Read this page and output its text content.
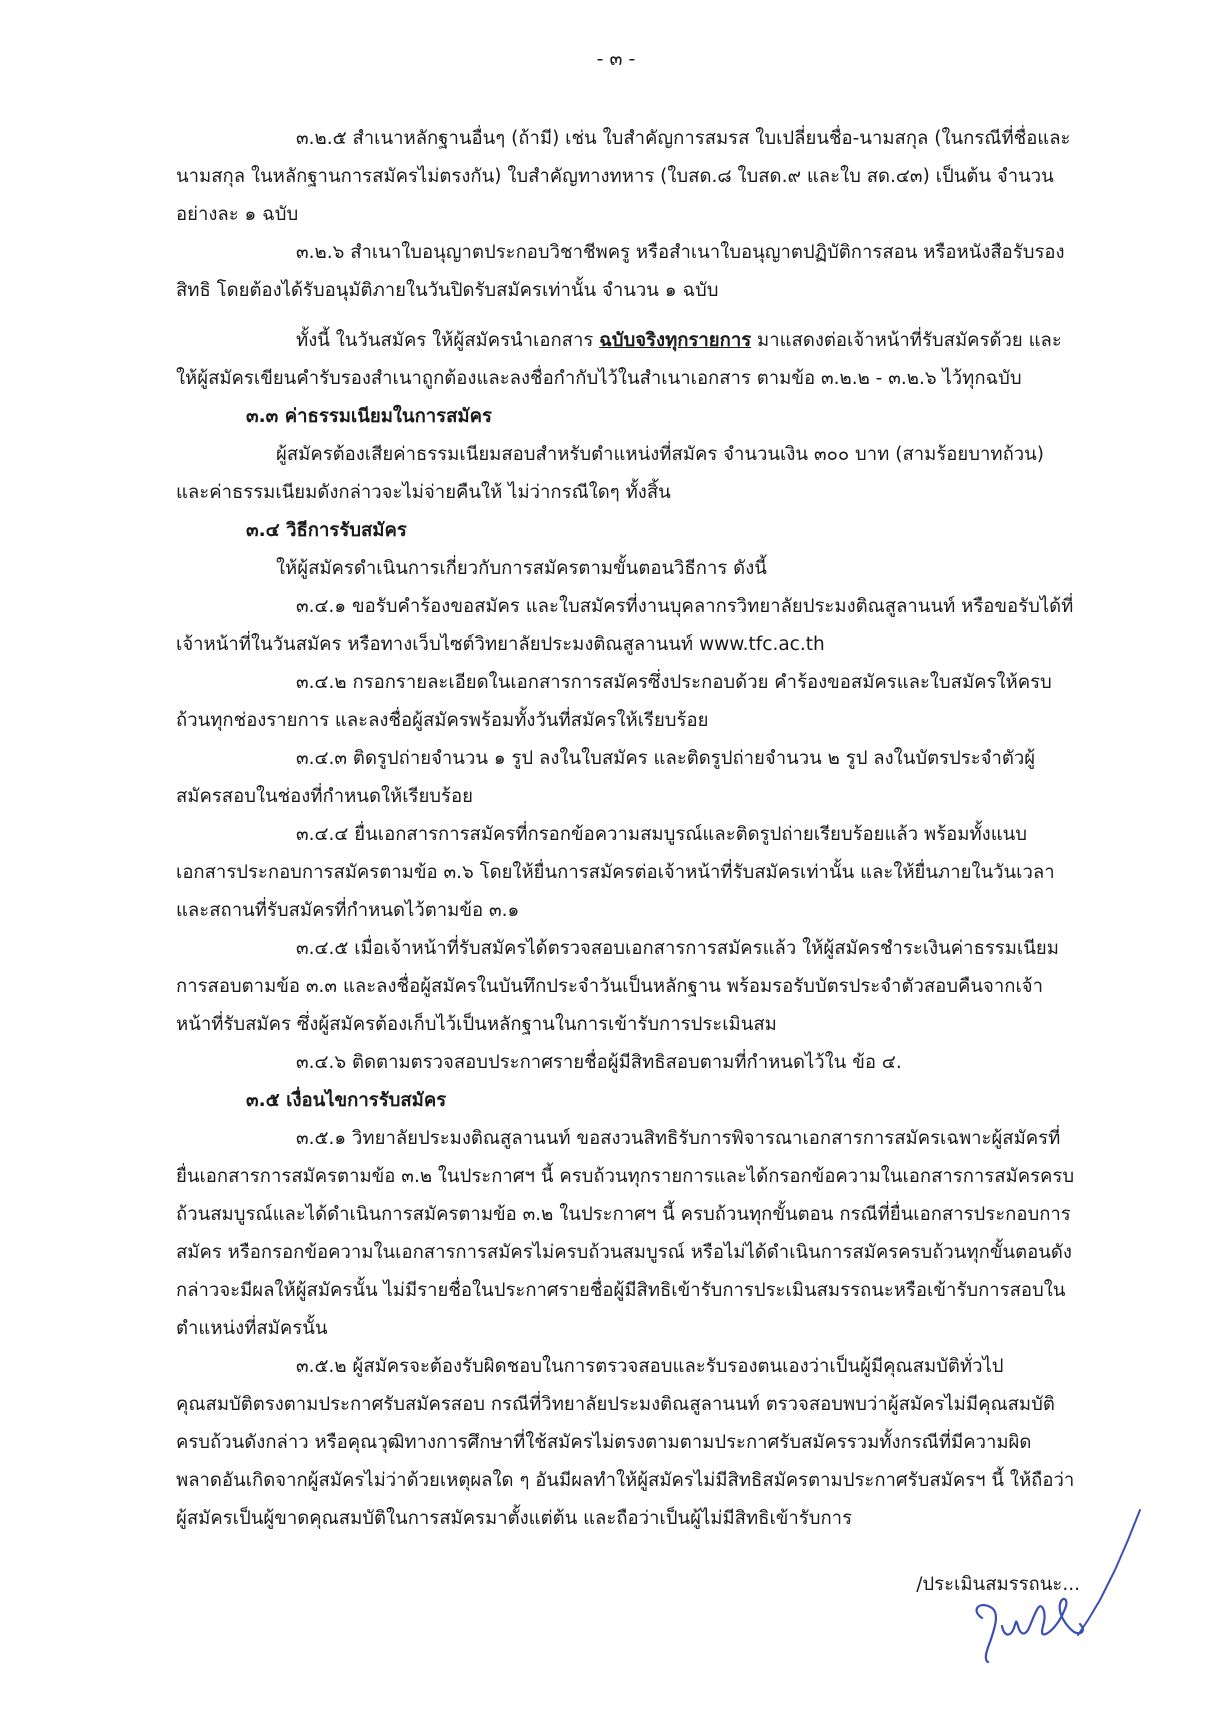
- ๓ -

๓.๒.๕ สำเนาหลักฐานอื่นๆ (ถ้ามี) เช่น ใบสำคัญการสมรส ใบเปลี่ยนชื่อ-นามสกุล (ในกรณีที่ชื่อและนามสกุล ในหลักฐานการสมัครไม่ตรงกัน) ใบสำคัญทางทหาร (ใบสด.๘ ใบสด.๙ และใบ สด.๔๓) เป็นต้น จำนวนอย่างละ ๑ ฉบับ

๓.๒.๖ สำเนาใบอนุญาตประกอบวิชาชีพครู หรือสำเนาใบอนุญาตปฏิบัติการสอน หรือหนังสือรับรองสิทธิ โดยต้องได้รับอนุมัติภายในวันปิดรับสมัครเท่านั้น จำนวน ๑ ฉบับ

ทั้งนี้ ในวันสมัคร ให้ผู้สมัครนำเอกสาร ฉบับจริงทุกรายการ มาแสดงต่อเจ้าหน้าที่รับสมัครด้วย และให้ผู้สมัครเขียนคำรับรองสำเนาถูกต้องและลงชื่อกำกับไว้ในสำเนาเอกสาร ตามข้อ ๓.๒.๒ - ๓.๒.๖ ไว้ทุกฉบับ

๓.๓ ค่าธรรมเนียมในการสมัคร

ผู้สมัครต้องเสียค่าธรรมเนียมสอบสำหรับตำแหน่งที่สมัคร จำนวนเงิน ๓๐๐ บาท (สามร้อยบาทถ้วน) และค่าธรรมเนียมดังกล่าวจะไม่จ่ายคืนให้ ไม่ว่ากรณีใดๆ ทั้งสิ้น

๓.๔ วิธีการรับสมัคร

ให้ผู้สมัครดำเนินการเกี่ยวกับการสมัครตามขั้นตอนวิธีการ ดังนี้

๓.๔.๑ ขอรับคำร้องขอสมัคร และใบสมัครที่งานบุคลากรวิทยาลัยประมงติณสูลานนท์ หรือขอรับได้ที่เจ้าหน้าที่ในวันสมัคร หรือทางเว็บไซต์วิทยาลัยประมงติณสูลานนท์ www.tfc.ac.th

๓.๔.๒ กรอกรายละเอียดในเอกสารการสมัครซึ่งประกอบด้วย คำร้องขอสมัครและใบสมัครให้ครบถ้วนทุกช่องรายการ และลงชื่อผู้สมัครพร้อมทั้งวันที่สมัครให้เรียบร้อย

๓.๔.๓ ติดรูปถ่ายจำนวน ๑ รูป ลงในใบสมัคร และติดรูปถ่ายจำนวน ๒ รูป ลงในบัตรประจำตัวผู้สมัครสอบในช่องที่กำหนดให้เรียบร้อย

๓.๔.๔ ยื่นเอกสารการสมัครที่กรอกข้อความสมบูรณ์และติดรูปถ่ายเรียบร้อยแล้ว พร้อมทั้งแนบเอกสารประกอบการสมัครตามข้อ ๓.๖ โดยให้ยื่นการสมัครต่อเจ้าหน้าที่รับสมัครเท่านั้น และให้ยื่นภายในวันเวลาและสถานที่รับสมัครที่กำหนดไว้ตามข้อ ๓.๑

๓.๔.๕ เมื่อเจ้าหน้าที่รับสมัครได้ตรวจสอบเอกสารการสมัครแล้ว ให้ผู้สมัครชำระเงินค่าธรรมเนียมการสอบตามข้อ ๓.๓ และลงชื่อผู้สมัครในบันทึกประจำวันเป็นหลักฐาน พร้อมรอรับบัตรประจำตัวสอบคืนจากเจ้าหน้าที่รับสมัคร ซึ่งผู้สมัครต้องเก็บไว้เป็นหลักฐานในการเข้ารับการประเมินสม

๓.๔.๖ ติดตามตรวจสอบประกาศรายชื่อผู้มีสิทธิสอบตามที่กำหนดไว้ใน ข้อ ๔.

๓.๕ เงื่อนไขการรับสมัคร

๓.๕.๑ วิทยาลัยประมงติณสูลานนท์ ขอสงวนสิทธิรับการพิจารณาเอกสารการสมัครเฉพาะผู้สมัครที่ยื่นเอกสารการสมัครตามข้อ ๓.๒ ในประกาศฯ นี้ ครบถ้วนทุกรายการและได้กรอกข้อความในเอกสารการสมัครครบถ้วนสมบูรณ์และได้ดำเนินการสมัครตามข้อ ๓.๒ ในประกาศฯ นี้ ครบถ้วนทุกขั้นตอน กรณีที่ยื่นเอกสารประกอบการสมัคร หรือกรอกข้อความในเอกสารการสมัครไม่ครบถ้วนสมบูรณ์ หรือไม่ได้ดำเนินการสมัครครบถ้วนทุกขั้นตอนดังกล่าวจะมีผลให้ผู้สมัครนั้น ไม่มีรายชื่อในประกาศรายชื่อผู้มีสิทธิเข้ารับการประเมินสมรรถนะหรือเข้ารับการสอบในตำแหน่งที่สมัครนั้น

๓.๕.๒ ผู้สมัครจะต้องรับผิดชอบในการตรวจสอบและรับรองตนเองว่าเป็นผู้มีคุณสมบัติทั่วไป คุณสมบัติตรงตามประกาศรับสมัครสอบ กรณีที่วิทยาลัยประมงติณสูลานนท์ ตรวจสอบพบว่าผู้สมัครไม่มีคุณสมบัติครบถ้วนดังกล่าว หรือคุณวุฒิทางการศึกษาที่ใช้สมัครไม่ตรงตามตามประกาศรับสมัครรวมทั้งกรณีที่มีความผิดพลาดอันเกิดจากผู้สมัครไม่ว่าด้วยเหตุผลใด ๆ อันมีผลทำให้ผู้สมัครไม่มีสิทธิสมัครตามประกาศรับสมัครฯ นี้ ให้ถือว่าผู้สมัครเป็นผู้ขาดคุณสมบัติในการสมัครมาตั้งแต่ต้น และถือว่าเป็นผู้ไม่มีสิทธิเข้ารับการ

/ประเมินสมรรถนะ...
